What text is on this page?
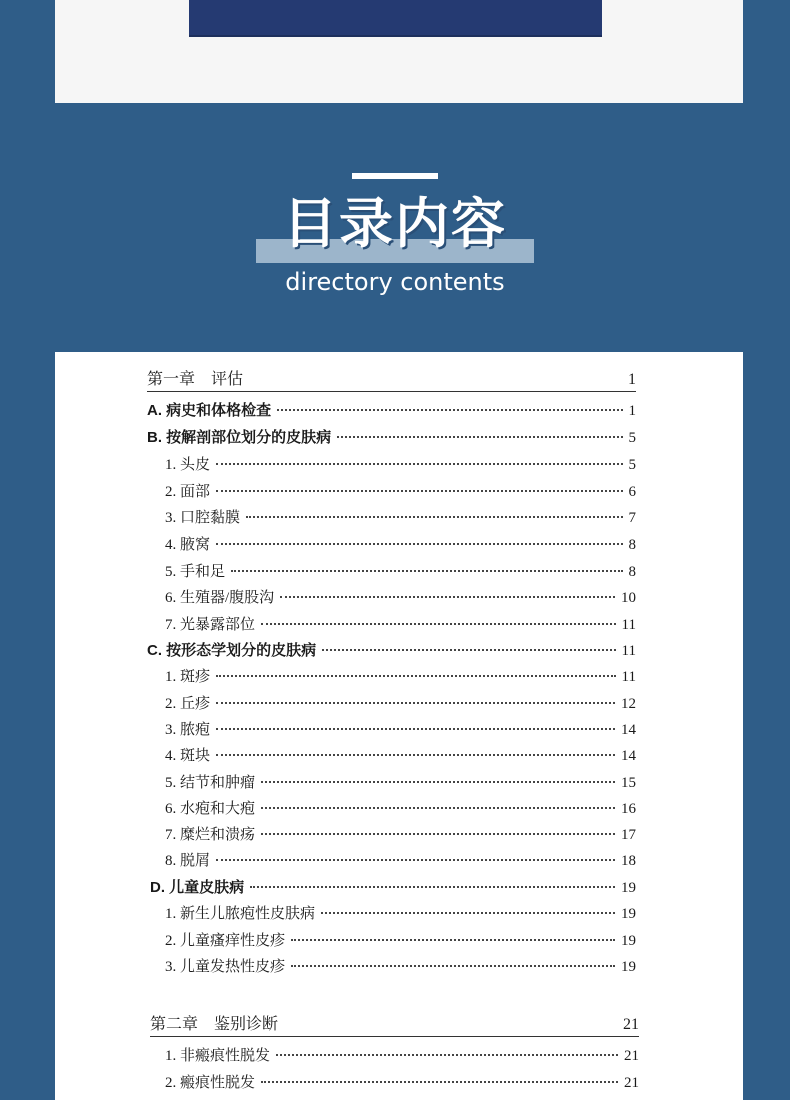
目录内容
directory contents
第一章　评估	1
A. 病史和体格检查	1
B. 按解剖部位划分的皮肤病	5
1. 头皮	5
2. 面部	6
3. 口腔黏膜	7
4. 腋窝	8
5. 手和足	8
6. 生殖器/腹股沟	10
7. 光暴露部位	11
C. 按形态学划分的皮肤病	11
1. 斑疹	11
2. 丘疹	12
3. 脓疱	14
4. 斑块	14
5. 结节和肿瘤	15
6. 水疱和大疱	16
7. 糜烂和溃疡	17
8. 脱屑	18
D. 儿童皮肤病	19
1. 新生儿脓疱性皮肤病	19
2. 儿童瘙痒性皮疹	19
3. 儿童发热性皮疹	19
第二章　鉴别诊断	21
1. 非瘢痕性脱发	21
2. 瘢痕性脱发	21
